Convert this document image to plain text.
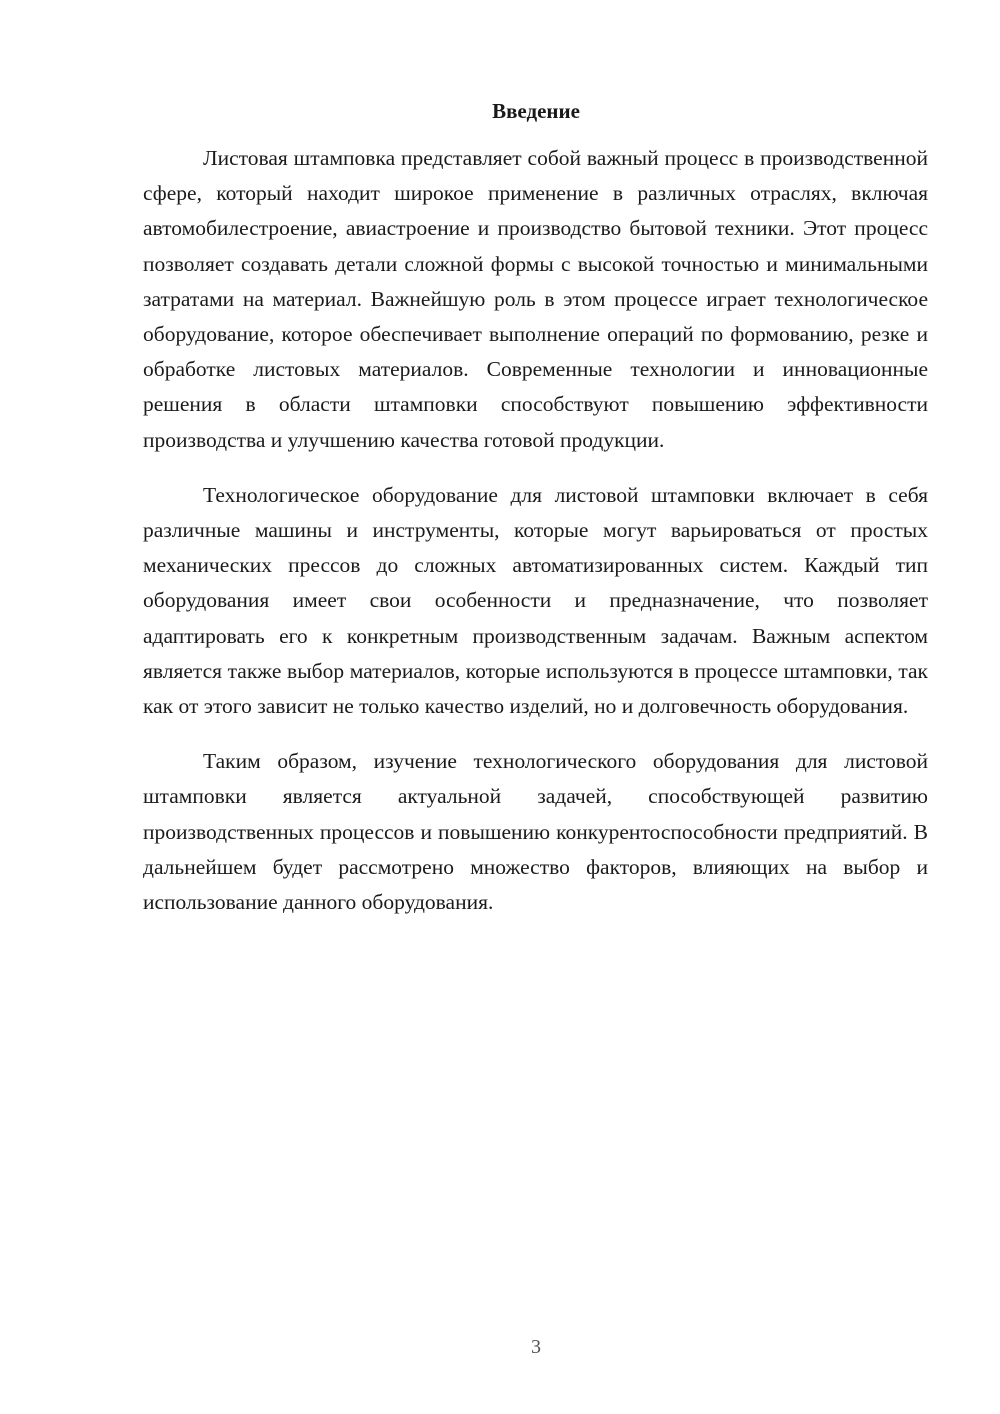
Введение

Листовая штамповка представляет собой важный процесс в производственной сфере, который находит широкое применение в различных отраслях, включая автомобилестроение, авиастроение и производство бытовой техники. Этот процесс позволяет создавать детали сложной формы с высокой точностью и минимальными затратами на материал. Важнейшую роль в этом процессе играет технологическое оборудование, которое обеспечивает выполнение операций по формованию, резке и обработке листовых материалов. Современные технологии и инновационные решения в области штамповки способствуют повышению эффективности производства и улучшению качества готовой продукции.

Технологическое оборудование для листовой штамповки включает в себя различные машины и инструменты, которые могут варьироваться от простых механических прессов до сложных автоматизированных систем. Каждый тип оборудования имеет свои особенности и предназначение, что позволяет адаптировать его к конкретным производственным задачам. Важным аспектом является также выбор материалов, которые используются в процессе штамповки, так как от этого зависит не только качество изделий, но и долговечность оборудования.

Таким образом, изучение технологического оборудования для листовой штамповки является актуальной задачей, способствующей развитию производственных процессов и повышению конкурентоспособности предприятий. В дальнейшем будет рассмотрено множество факторов, влияющих на выбор и использование данного оборудования.

3
